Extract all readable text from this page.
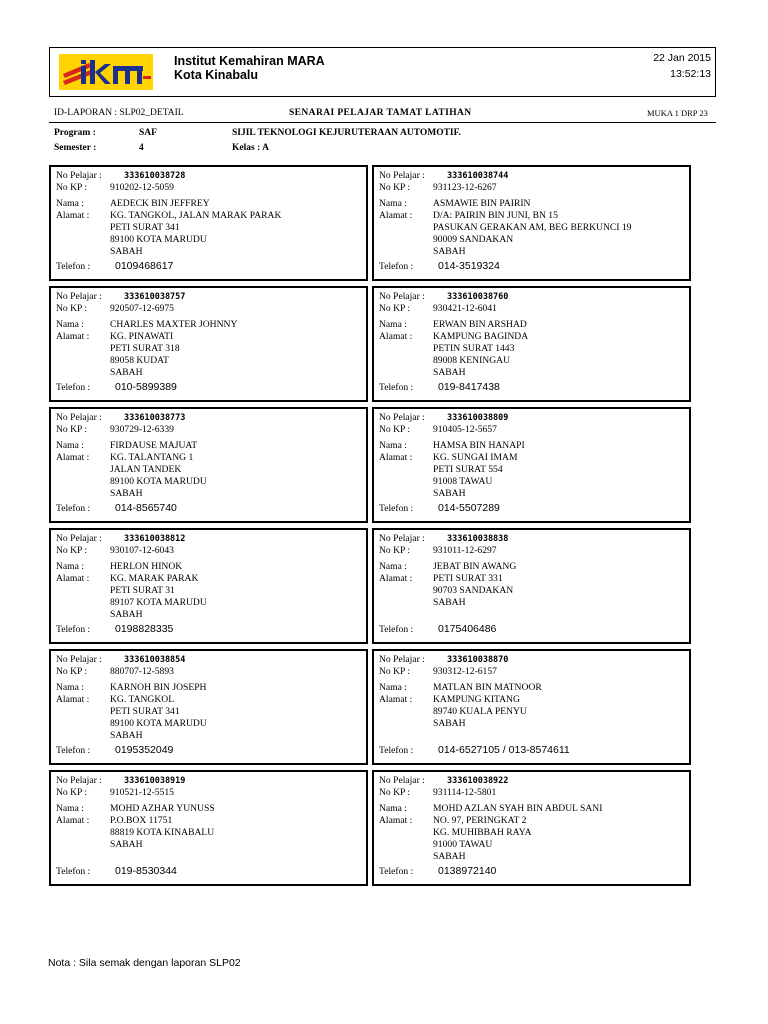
Institut Kemahiran MARA
Kota Kinabalu
22 Jan 2015
13:52:13
ID-LAPORAN : SLP02_DETAIL	SENARAI PELAJAR TAMAT LATIHAN	MUKA 1 DRP 23
Program :	SAF	SIJIL TEKNOLOGI KEJURUTERAAN AUTOMOTIF.
Semester :	4	Kelas : A
No Pelajar :	333610038728
No KP : 910202-12-5059
Nama :	AEDECK BIN JEFFREY
Alamat : KG. TANGKOL, JALAN MARAK PARAK
PETI SURAT 341
89100 KOTA MARUDU
SABAH
Telefon : 0109468617
No Pelajar :	333610038744
No KP : 931123-12-6267
Nama :	ASMAWIE BIN PAIRIN
Alamat : D/A: PAIRIN BIN JUNI, BN 15
PASUKAN GERAKAN AM, BEG BERKUNCI 19
90009 SANDAKAN
SABAH
Telefon : 014-3519324
No Pelajar :	333610038757
No KP : 920507-12-6975
Nama :	CHARLES MAXTER JOHNNY
Alamat : KG. PINAWATI
PETI SURAT 318
89058 KUDAT
SABAH
Telefon : 010-5899389
No Pelajar :	333610038760
No KP : 930421-12-6041
Nama :	ERWAN BIN ARSHAD
Alamat : KAMPUNG BAGINDA
PETIN SURAT 1443
89008 KENINGAU
SABAH
Telefon : 019-8417438
No Pelajar :	333610038773
No KP : 930729-12-6339
Nama :	FIRDAUSE MAJUAT
Alamat : KG. TALANTANG 1
JALAN TANDEK
89100 KOTA MARUDU
SABAH
Telefon : 014-8565740
No Pelajar :	333610038809
No KP : 910405-12-5657
Nama :	HAMSA BIN HANAPI
Alamat : KG. SUNGAI IMAM
PETI SURAT 554
91008 TAWAU
SABAH
Telefon : 014-5507289
No Pelajar :	333610038812
No KP : 930107-12-6043
Nama :	HERLON HINOK
Alamat : KG. MARAK PARAK
PETI SURAT 31
89107 KOTA MARUDU
SABAH
Telefon : 0198828335
No Pelajar :	333610038838
No KP : 931011-12-6297
Nama :	JEBAT BIN AWANG
Alamat : PETI SURAT 331
90703 SANDAKAN
SABAH
Telefon : 0175406486
No Pelajar :	333610038854
No KP : 880707-12-5893
Nama :	KARNOH BIN JOSEPH
Alamat : KG. TANGKOL
PETI SURAT 341
89100 KOTA MARUDU
SABAH
Telefon : 0195352049
No Pelajar :	333610038870
No KP : 930312-12-6157
Nama :	MATLAN BIN MATNOOR
Alamat : KAMPUNG KITANG
89740 KUALA PENYU
SABAH
Telefon : 014-6527105 / 013-8574611
No Pelajar :	333610038919
No KP : 910521-12-5515
Nama :	MOHD AZHAR YUNUSS
Alamat : P.O.BOX 11751
88819 KOTA KINABALU
SABAH
Telefon : 019-8530344
No Pelajar :	333610038922
No KP : 931114-12-5801
Nama :	MOHD AZLAN SYAH BIN ABDUL SANI
Alamat : NO. 97, PERINGKAT 2
KG. MUHIBBAH RAYA
91000 TAWAU
SABAH
Telefon : 0138972140
Nota : Sila semak dengan laporan SLP02
